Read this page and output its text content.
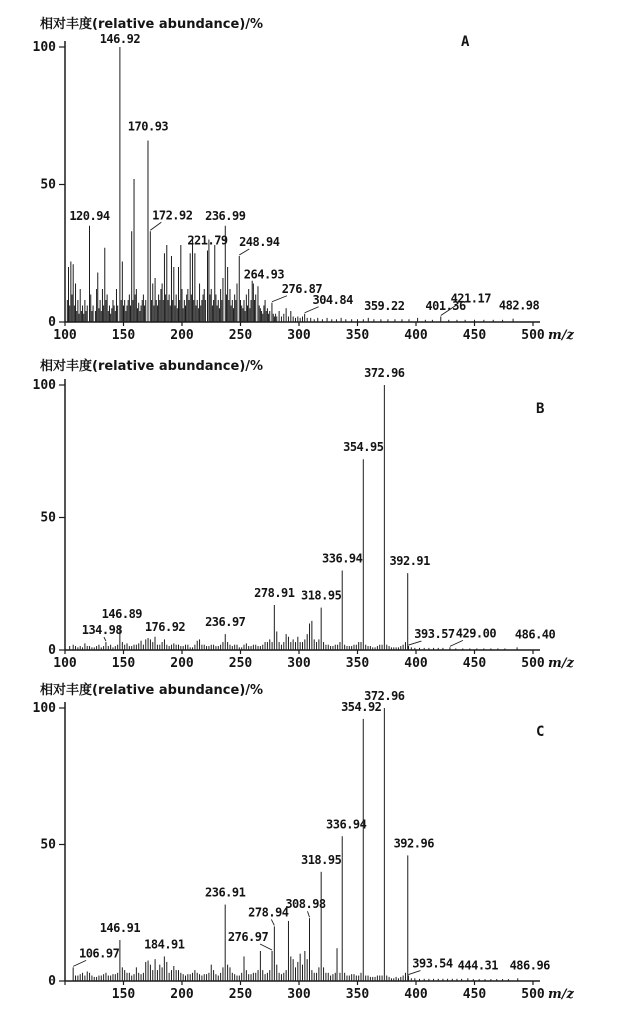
120.94
146.92
170.93
172.92
221.79
236.99
248.94
264.93
276.87
304.84 359.22 401.36
421.17
482.98
0
50
100
100	150	200	250	300	350	400	450	500 m/z
相对丰度(relative abundance)/%
A
134.98
146.89
176.92 236.97
278.91 318.95
336.94
354.95
372.96
392.91
393.57 429.00 486.40
0
50
100
100	150	200	250	300	350	400	450	500 m/z
相对丰度(relative abundance)/%
B
106.97
146.91
184.91
236.91
276.97
278.94
308.98
318.95
336.94
354.92
372.96
392.96
393.54 444.31 486.96
0
50
100
150	200	250	300	350	400	450	500 m/z
相对丰度(relative abundance)/%
C
